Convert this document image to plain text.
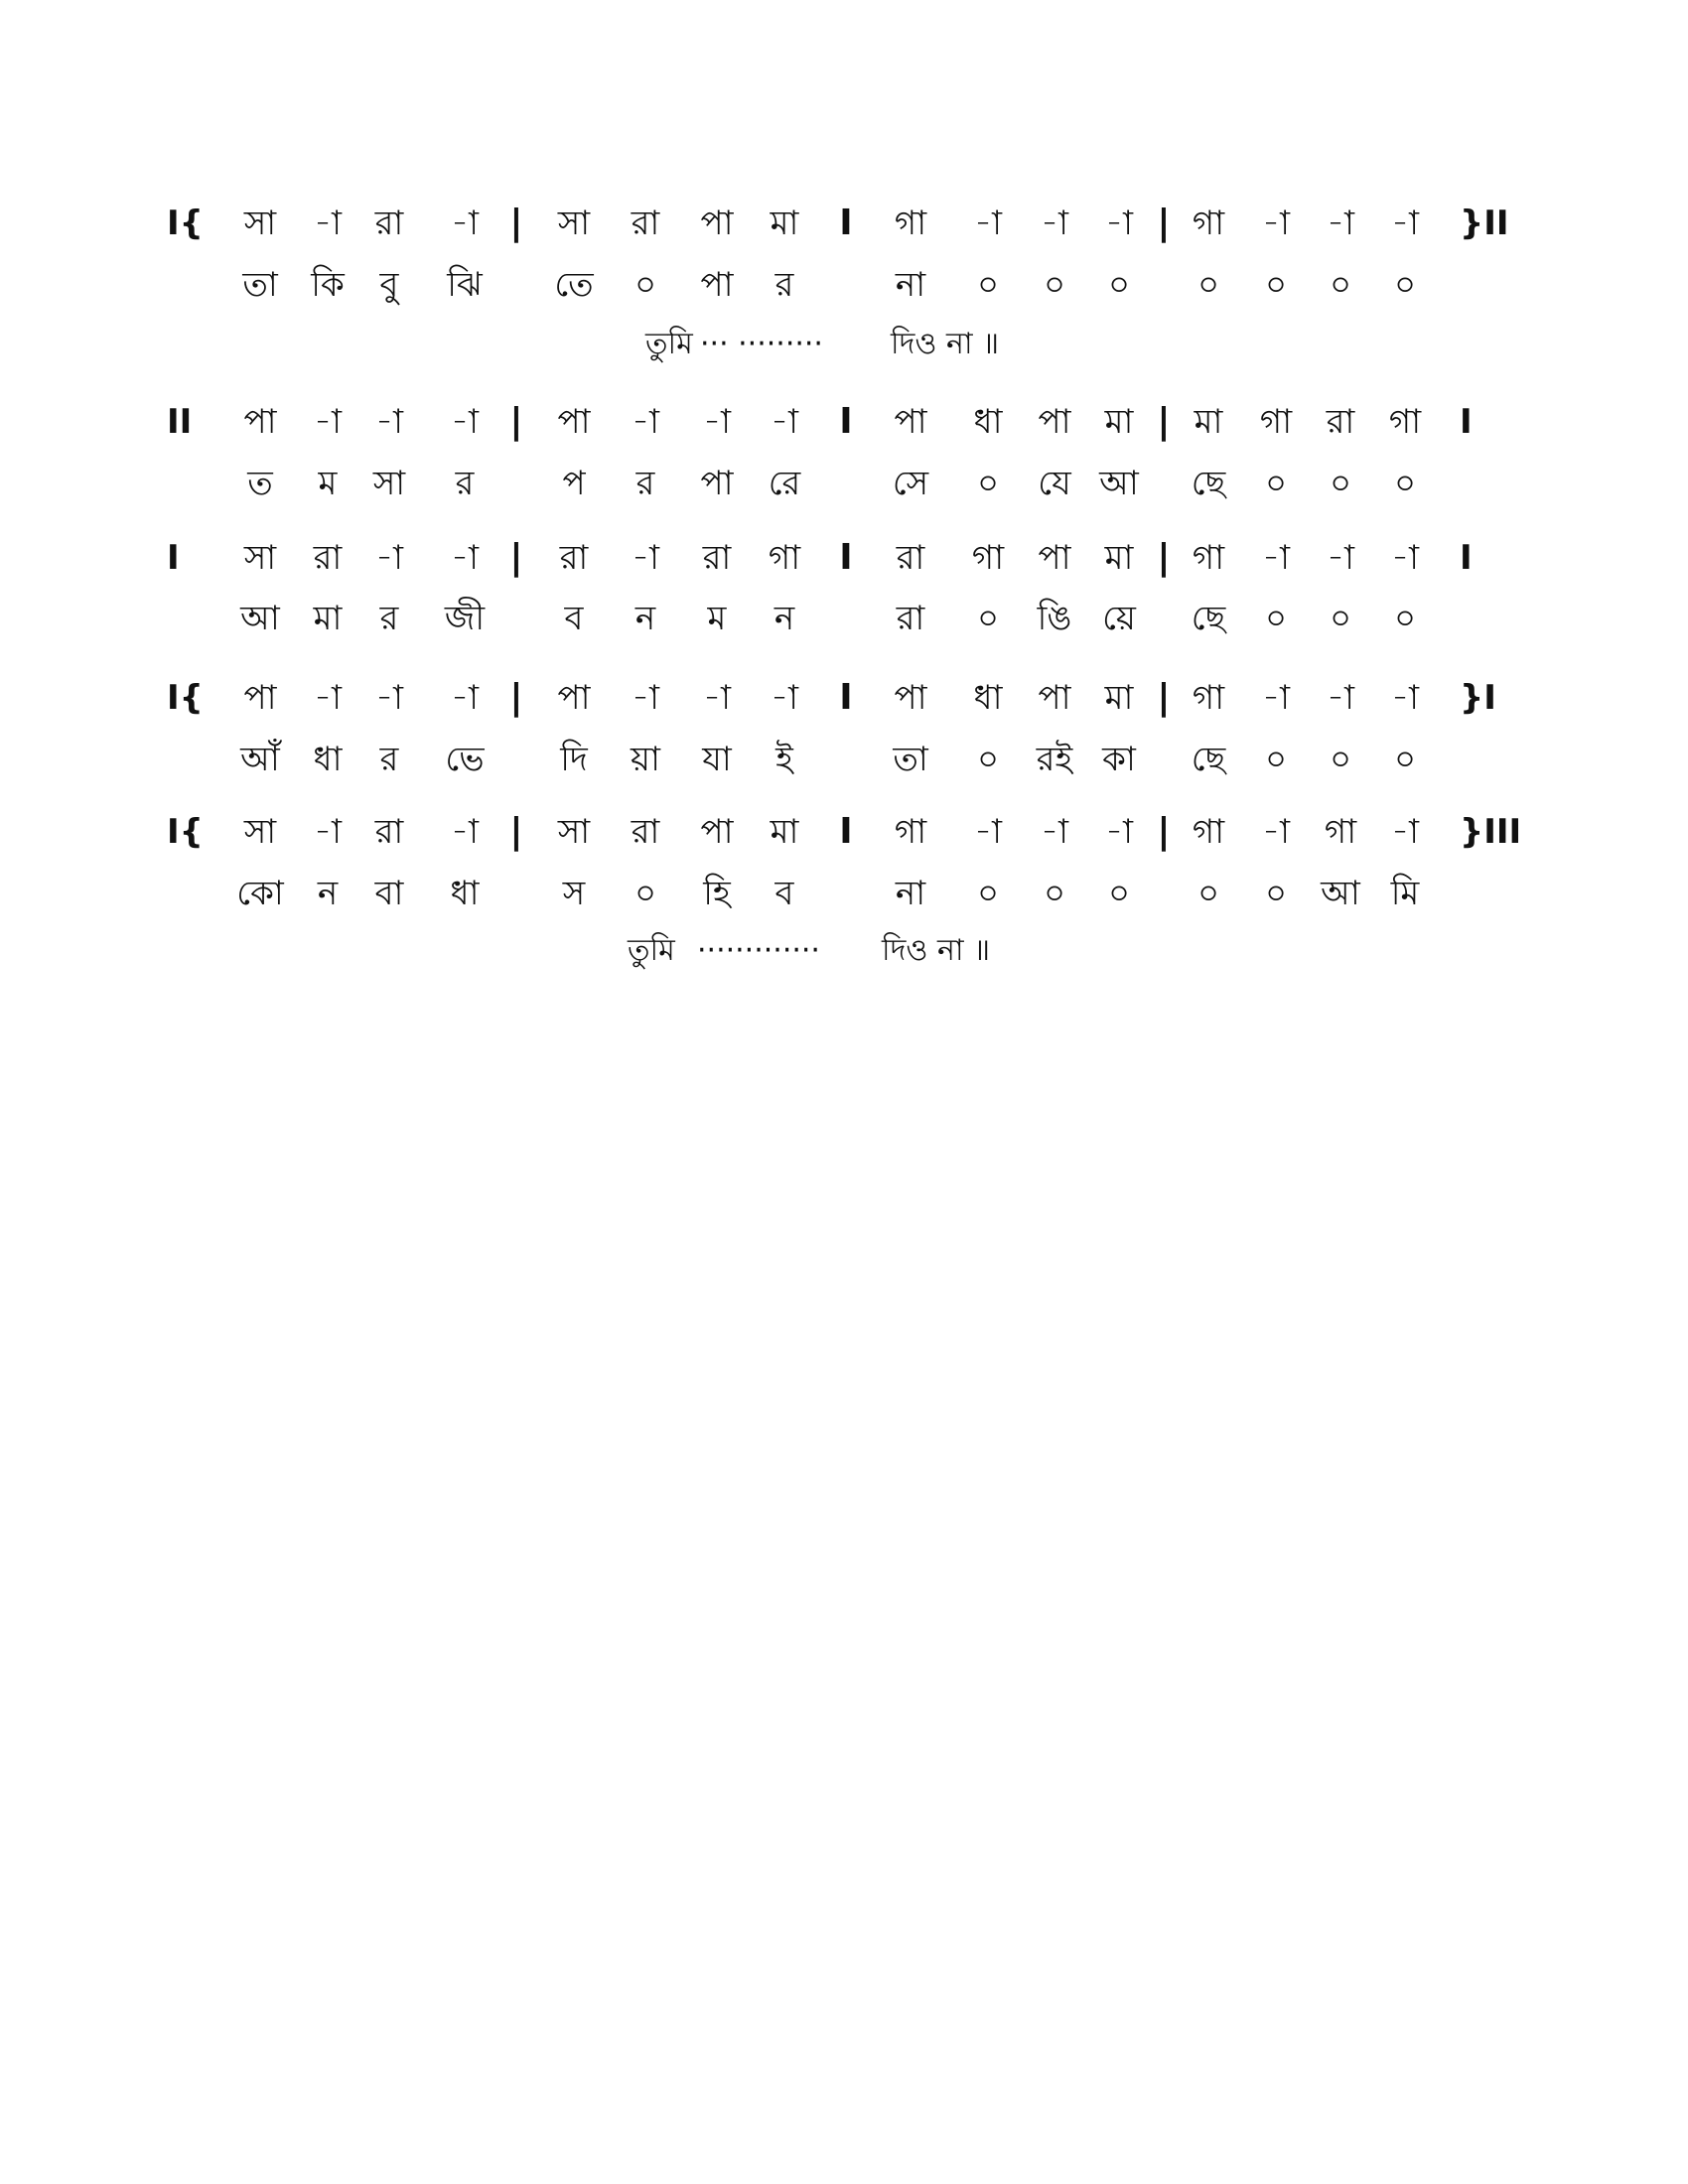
I{ সা -া রা -া | সা রা পা মা I গা -া -া -া | গা -া -া -া }II
তা কি বু ঝি তে ০ পা র	না ০ ০ ০ ০ ০ ০ ০
তুমি ··· ········· দিও না ॥
II পা -া -া -া | পা -া -া -া I পা ধা পা মা | মা গা রা গা I
ত ম সা র	প র পা রে	সে ০ যে আ ছে ০ ০ ০
I সা রা -া -া | রা -া রা গা I রা গা পা মা | গা -া -া -া I
আ মা র জী ব ন ম ন	রা ০ ঙি য়ে ছে ০ ০ ০
I{ পা -া -া -া | পা -া -া -া I পা ধা পা মা | গা -া -া -া }I
আঁ ধা র ভে দি য়া যা ই	তা ০ রই কা ছে ০ ০ ০
I{ সা -া রা -া | সা রা পা মা I গা -া -া -া | গা -া গা -া }III
কো ন বা ধা স ০ হি ব	না ০ ০ ০ ০ ০ আ মি
তুমি ············· দিও না ॥
